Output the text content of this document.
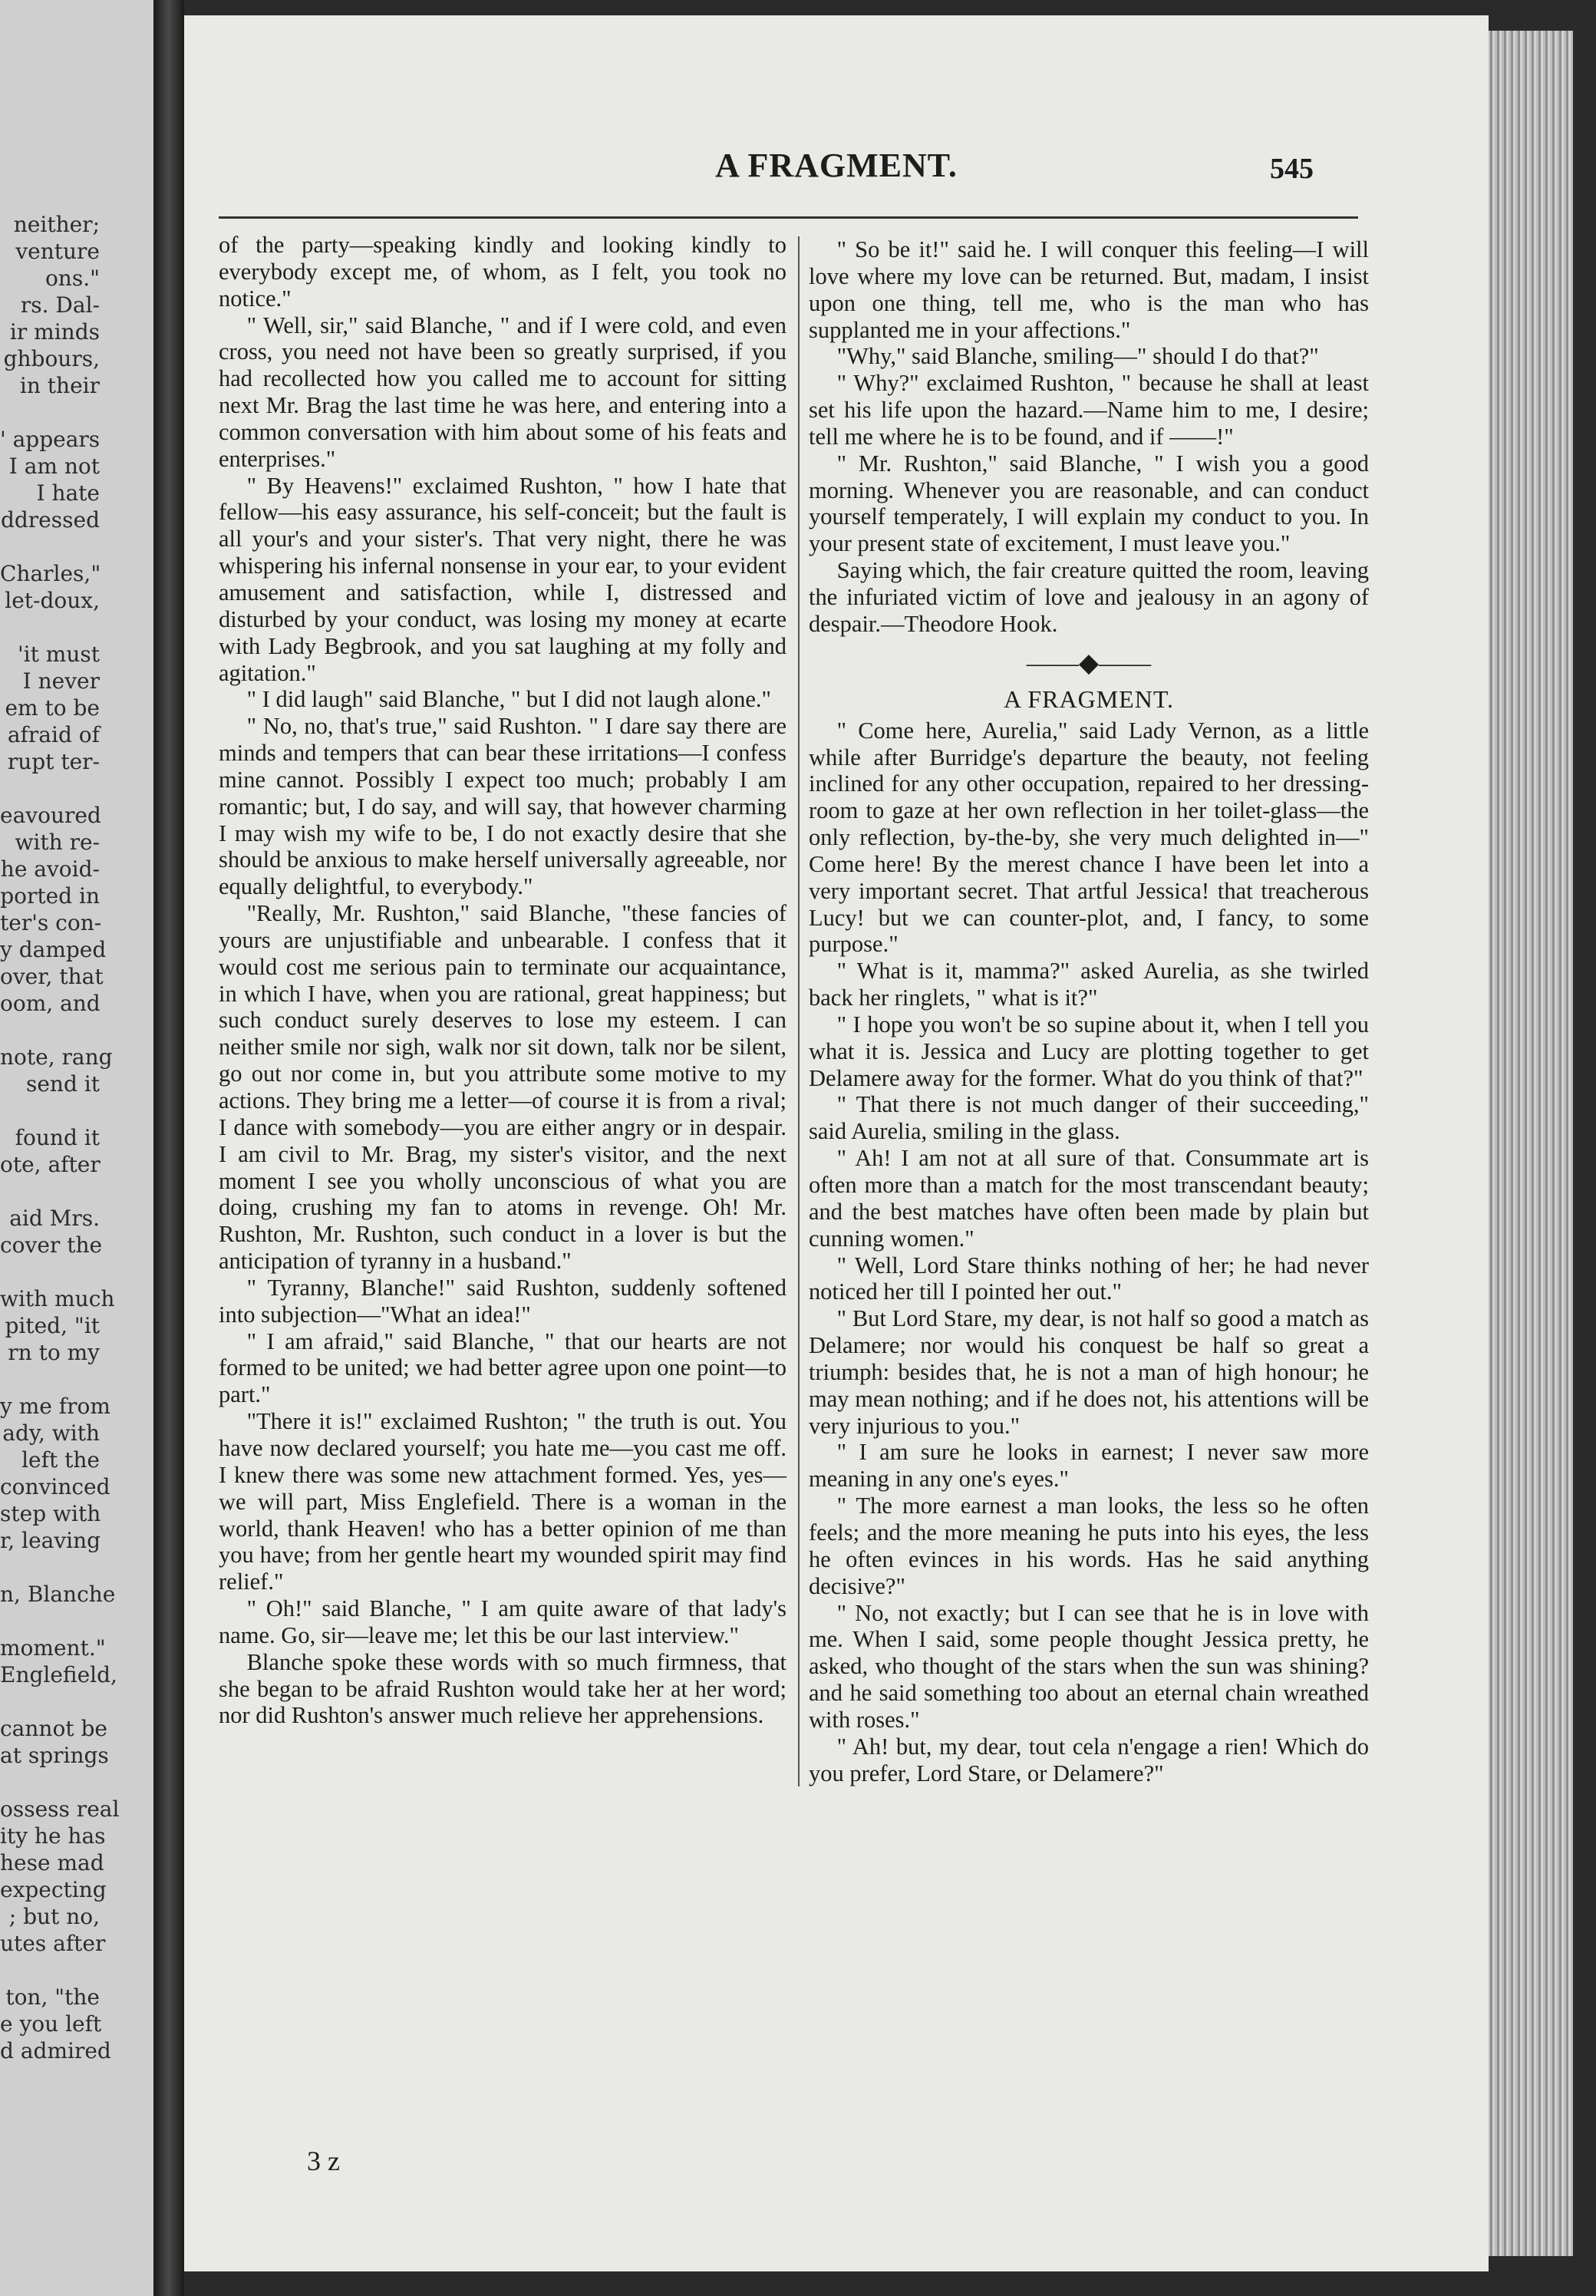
neither;
venture
ons."
rs. Dal-
ir minds
ghbours,
in their

' appears
I am not
I hate
ddressed

Charles,"
let-doux,

'it must
I never
em to be
afraid of
rupt ter-

eavoured
with re-
he avoid-
ported in
ter's con-
y damped
over, that
oom, and

note, rang
send it

found it
ote, after

aid Mrs.
cover the

with much
pited, "it
rn to my

y me from
ady, with
left the
convinced
step with
r, leaving

n, Blanche

moment."
Englefield,

cannot be
at springs

ossess real
ity he has
hese mad
expecting
; but no,
utes after

ton, "the
e you left
d admired
A FRAGMENT.	545

of the party—speaking kindly and looking kindly to everybody except me, of whom, as I felt, you took no notice."

" Well, sir," said Blanche, " and if I were cold, and even cross, you need not have been so greatly surprised, if you had recollected how you called me to account for sitting next Mr. Brag the last time he was here, and entering into a common conversation with him about some of his feats and enterprises."

" By Heavens!" exclaimed Rushton, " how I hate that fellow—his easy assurance, his self-conceit; but the fault is all your's and your sister's. That very night, there he was whispering his infernal nonsense in your ear, to your evident amusement and satisfaction, while I, distressed and disturbed by your conduct, was losing my money at ecarte with Lady Begbrook, and you sat laughing at my folly and agitation."

" I did laugh" said Blanche, " but I did not laugh alone."

" No, no, that's true," said Rushton. " I dare say there are minds and tempers that can bear these irritations—I confess mine cannot. Possibly I expect too much; probably I am romantic; but, I do say, and will say, that however charming I may wish my wife to be, I do not exactly desire that she should be anxious to make herself universally agreeable, nor equally delightful, to everybody."

"Really, Mr. Rushton," said Blanche, "these fancies of yours are unjustifiable and unbearable. I confess that it would cost me serious pain to terminate our acquaintance, in which I have, when you are rational, great happiness; but such conduct surely deserves to lose my esteem. I can neither smile nor sigh, walk nor sit down, talk nor be silent, go out nor come in, but you attribute some motive to my actions. They bring me a letter—of course it is from a rival; I dance with somebody—you are either angry or in despair. I am civil to Mr. Brag, my sister's visitor, and the next moment I see you wholly unconscious of what you are doing, crushing my fan to atoms in revenge. Oh! Mr. Rushton, Mr. Rushton, such conduct in a lover is but the anticipation of tyranny in a husband."

" Tyranny, Blanche!" said Rushton, suddenly softened into subjection—"What an idea!"

" I am afraid," said Blanche, " that our hearts are not formed to be united; we had better agree upon one point—to part."

"There it is!" exclaimed Rushton; " the truth is out. You have now declared yourself; you hate me—you cast me off. I knew there was some new attachment formed. Yes, yes—we will part, Miss Englefield. There is a woman in the world, thank Heaven! who has a better opinion of me than you have; from her gentle heart my wounded spirit may find relief."

" Oh!" said Blanche, " I am quite aware of that lady's name. Go, sir—leave me; let this be our last interview."

Blanche spoke these words with so much firmness, that she began to be afraid Rushton would take her at her word; nor did Rushton's answer much relieve her apprehensions.

" So be it!" said he. I will conquer this feeling—I will love where my love can be returned. But, madam, I insist upon one thing, tell me, who is the man who has supplanted me in your affections."

"Why," said Blanche, smiling—" should I do that?"

" Why?" exclaimed Rushton, " because he shall at least set his life upon the hazard.—Name him to me, I desire; tell me where he is to be found, and if ——!"

" Mr. Rushton," said Blanche, " I wish you a good morning. Whenever you are reasonable, and can conduct yourself temperately, I will explain my conduct to you. In your present state of excitement, I must leave you."

Saying which, the fair creature quitted the room, leaving the infuriated victim of love and jealousy in an agony of despair.—Theodore Hook.

——◆——
A FRAGMENT.

" Come here, Aurelia," said Lady Vernon, as a little while after Burridge's departure the beauty, not feeling inclined for any other occupation, repaired to her dressing-room to gaze at her own reflection in her toilet-glass—the only reflection, by-the-by, she very much delighted in—" Come here! By the merest chance I have been let into a very important secret. That artful Jessica! that treacherous Lucy! but we can counter-plot, and, I fancy, to some purpose."

" What is it, mamma?" asked Aurelia, as she twirled back her ringlets, " what is it?"

" I hope you won't be so supine about it, when I tell you what it is. Jessica and Lucy are plotting together to get Delamere away for the former. What do you think of that?"

" That there is not much danger of their succeeding," said Aurelia, smiling in the glass.

" Ah! I am not at all sure of that. Consummate art is often more than a match for the most transcendant beauty; and the best matches have often been made by plain but cunning women."

" Well, Lord Stare thinks nothing of her; he had never noticed her till I pointed her out."

" But Lord Stare, my dear, is not half so good a match as Delamere; nor would his conquest be half so great a triumph: besides that, he is not a man of high honour; he may mean nothing; and if he does not, his attentions will be very injurious to you."

" I am sure he looks in earnest; I never saw more meaning in any one's eyes."

" The more earnest a man looks, the less so he often feels; and the more meaning he puts into his eyes, the less he often evinces in his words. Has he said anything decisive?"

" No, not exactly; but I can see that he is in love with me. When I said, some people thought Jessica pretty, he asked, who thought of the stars when the sun was shining? and he said something too about an eternal chain wreathed with roses."

" Ah! but, my dear, tout cela n'engage a rien! Which do you prefer, Lord Stare, or Delamere?"

3 z
